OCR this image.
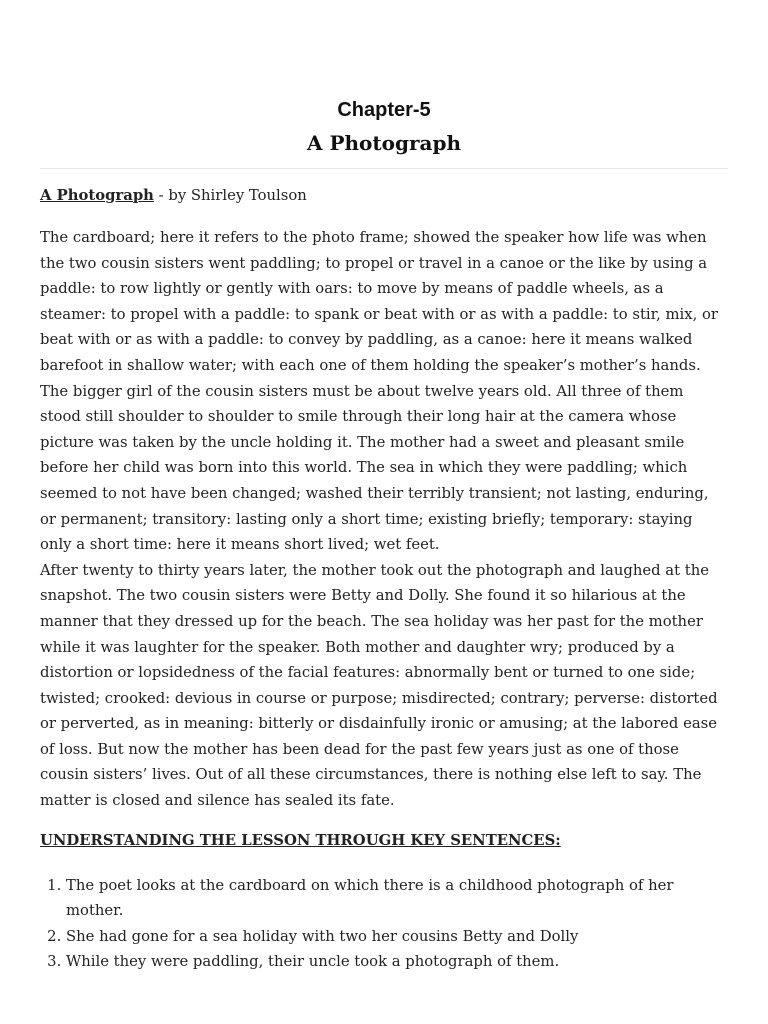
Chapter-5
A Photograph
A Photograph - by Shirley Toulson

The cardboard; here it refers to the photo frame; showed the speaker how life was when the two cousin sisters went paddling; to propel or travel in a canoe or the like by using a paddle: to row lightly or gently with oars: to move by means of paddle wheels, as a steamer: to propel with a paddle: to spank or beat with or as with a paddle: to stir, mix, or beat with or as with a paddle: to convey by paddling, as a canoe: here it means walked barefoot in shallow water; with each one of them holding the speaker’s mother’s hands. The bigger girl of the cousin sisters must be about twelve years old. All three of them stood still shoulder to shoulder to smile through their long hair at the camera whose picture was taken by the uncle holding it. The mother had a sweet and pleasant smile before her child was born into this world. The sea in which they were paddling; which seemed to not have been changed; washed their terribly transient; not lasting, enduring, or permanent; transitory: lasting only a short time; existing briefly; temporary: staying only a short time: here it means short lived; wet feet.

After twenty to thirty years later, the mother took out the photograph and laughed at the snapshot. The two cousin sisters were Betty and Dolly. She found it so hilarious at the manner that they dressed up for the beach. The sea holiday was her past for the mother while it was laughter for the speaker. Both mother and daughter wry; produced by a distortion or lopsidedness of the facial features: abnormally bent or turned to one side; twisted; crooked: devious in course or purpose; misdirected; contrary; perverse: distorted or perverted, as in meaning: bitterly or disdainfully ironic or amusing; at the labored ease of loss. But now the mother has been dead for the past few years just as one of those cousin sisters’ lives. Out of all these circumstances, there is nothing else left to say. The matter is closed and silence has sealed its fate.

UNDERSTANDING THE LESSON THROUGH KEY SENTENCES:
1. The poet looks at the cardboard on which there is a childhood photograph of her mother.
2. She had gone for a sea holiday with two her cousins Betty and Dolly
3. While they were paddling, their uncle took a photograph of them.
